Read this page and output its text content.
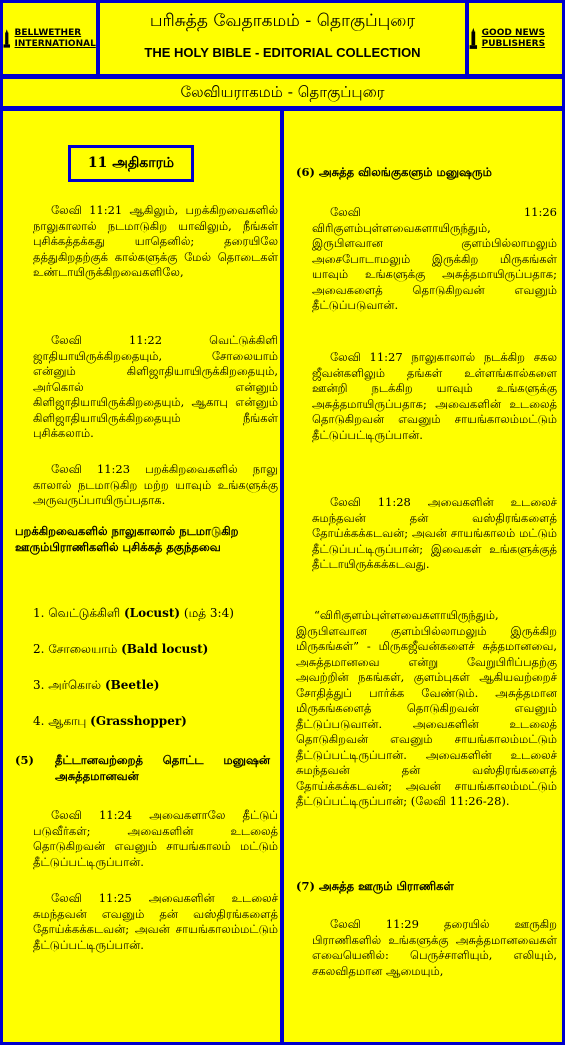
BELLWETHER INTERNATIONAL
பரிசுத்த வேதாகமம் - தொகுப்புரை
THE HOLY BIBLE - EDITORIAL COLLECTION
GOOD NEWS PUBLISHERS
லேவியராகமம் - தொகுப்புரை
11 அதிகாரம்
லேவி 11:21 ஆகிலும், பறக்கிறவைகளில் நாலுகாலால் நடமாடுகிற யாவிலும், நீங்கள் புசிக்கத்தக்கது யாதெனில்; தரையிலே தத்துகிறதற்குக் கால்களுக்கு மேல் தொடைகள் உண்டாயிருக்கிறவைகளிலே,
லேவி 11:22 வெட்டுக்கிளி ஜாதியாயிருக்கிறதையும், சோலையாம் என்னும் கிளிஜாதியாயிருக்கிறதையும், அர்கொல் என்னும் கிளிஜாதியாயிருக்கிறதையும், ஆகாபு என்னும் கிளிஜாதியாயிருக்கிறதையும் நீங்கள் புசிக்கலாம்.
லேவி 11:23 பறக்கிறவைகளில் நாலு காலால் நடமாடுகிற மற்ற யாவும் உங்களுக்கு அருவருப்பாயிருப்பதாக.
பறக்கிறவைகளில் நாலுகாலால் நடமாடுகிற ஊரும்பிராணிகளில் புசிக்கத் தகுந்தவை
1. வெட்டுக்கிளி (Locust) (மத் 3:4)
2. சோலையாம் (Bald locust)
3. அர்கொல் (Beetle)
4. ஆகாபு (Grasshopper)
(5)	தீட்டானவற்றைத் தொட்ட மனுஷன் அசுத்தமானவன்
லேவி 11:24 அவைகளாலே தீட்டுப் படுவீர்கள்; அவைகளின் உடலைத் தொடுகிறவன் எவனும் சாயங்காலம் மட்டும் தீட்டுப்பட்டிருப்பான்.
லேவி 11:25 அவைகளின் உடலைச் சுமந்தவன் எவனும் தன் வஸ்திரங்களைத் தோய்க்கக்கடவன்; அவன் சாயங்காலம்மட்டும் தீட்டுப்பட்டிருப்பான்.
(6) அசுத்த விலங்குகளும் மனுஷரும்
லேவி 11:26 விரிகுளம்புள்ளவைகளாயிருந்தும், இருபிளவான குளம்பில்லாமலும் அசைபோடாமலும் இருக்கிற மிருகங்கள் யாவும் உங்களுக்கு அசுத்தமாயிருப்பதாக; அவைகளைத் தொடுகிறவன் எவனும் தீட்டுப்படுவான்.
லேவி 11:27 நாலுகாலால் நடக்கிற சகல ஜீவன்களிலும் தங்கள் உள்ளங்கால்களை ஊன்றி நடக்கிற யாவும் உங்களுக்கு அசுத்தமாயிருப்பதாக; அவைகளின் உடலைத் தொடுகிறவன் எவனும் சாயங்காலம்மட்டும் தீட்டுப்பட்டிருப்பான்.
லேவி 11:28 அவைகளின் உடலைச் சுமந்தவன் தன் வஸ்திரங்களைத் தோய்க்கக்கடவன்; அவன் சாயங்காலம் மட்டும் தீட்டுப்பட்டிருப்பான்; இவைகள் உங்களுக்குத் தீட்டாயிருக்கக்கடவது.
“விரிகுளம்புள்ளவைகளாயிருந்தும், இருபிளவான குளம்பில்லாமலும் இருக்கிற மிருகங்கள்” - மிருகஜீவன்களைச் சுத்தமானவை, அசுத்தமானவை என்று வேறுபிரிப்பதற்கு அவற்றின் நகங்கள், குளம்புகள் ஆகியவற்றைச் சோதித்துப் பார்க்க வேண்டும். அசுத்தமான மிருகங்களைத் தொடுகிறவன் எவனும் தீட்டுப்படுவான். அவைகளின் உடலைத் தொடுகிறவன் எவனும் சாயங்காலம்மட்டும் தீட்டுப்பட்டிருப்பான். அவைகளின் உடலைச் சுமந்தவன் தன் வஸ்திரங்களைத் தோய்க்கக்கடவன்; அவன் சாயங்காலம்மட்டும் தீட்டுப்பட்டிருப்பான்; (லேவி 11:26-28).
(7) அசுத்த ஊரும் பிராணிகள்
லேவி 11:29 தரையில் ஊருகிற பிராணிகளில் உங்களுக்கு அசுத்தமானவைகள் எவையெனில்: பெருச்சாளியும், எலியும், சகலவிதமான ஆமையும்,
